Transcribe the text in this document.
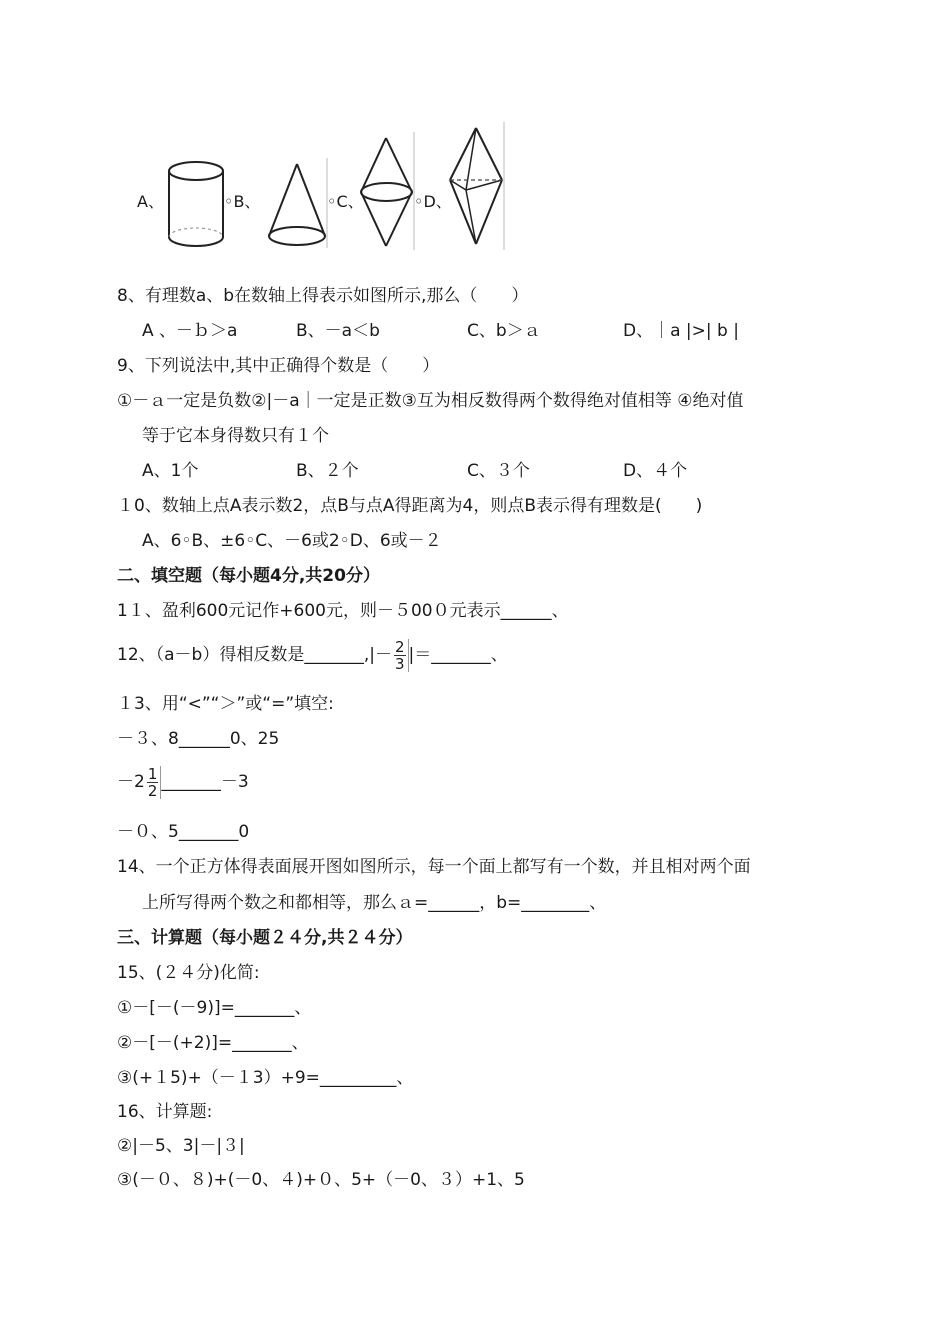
A、	◦B、	◦C、	◦D、
8、有理数a、b在数轴上得表示如图所示,那么（　　）
A 、－ｂ＞a	B、－a＜b	C、b＞ａ	D、｜a |>| b |
9、下列说法中,其中正确得个数是（　　）
①－ａ一定是负数②|－a｜一定是正数③互为相反数得两个数得绝对值相等 ④绝对值
等于它本身得数只有１个
A、1个	B、２个	C、３个	D、４个
１0、数轴上点A表示数2，点B与点A得距离为4，则点B表示得有理数是(　　)
A、6◦B、±6◦C、－6或2◦D、6或－２
二、填空题（每小题4分,共20分）
1１、盈利600元记作+600元，则－５00０元表示______、
12、（a－b）得相反数是_______,|－ $\frac{2}{3}$ |＝_______、
１3、用“<”“＞”或“=”填空:
－３、8______0、25
$-2 \frac{1}{2}$ _______－3
－０、5_______0
14、一个正方体得表面展开图如图所示，每一个面上都写有一个数，并且相对两个面
上所写得两个数之和都相等，那么ａ=______，b=________、
三、计算题（每小题２４分,共２４分）
15、(２４分)化简:
①－[－(－9)]=_______、
②－[－(+2)]=_______、
③(+１5)+（－１3）+9=_________、
16、计算题:
②|－5、3|－|３|
③(－０、８)+(－0、４)+０、5+（－0、３）+1、5
